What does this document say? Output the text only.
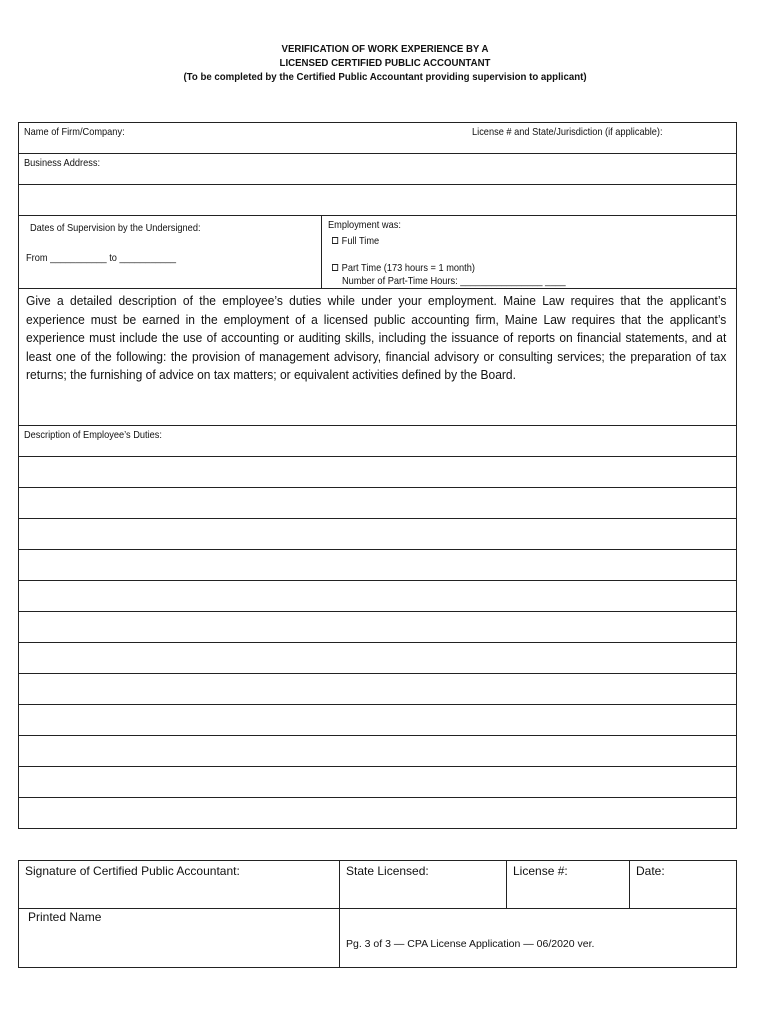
VERIFICATION OF WORK EXPERIENCE BY A
LICENSED CERTIFIED PUBLIC ACCOUNTANT
(To be completed by the Certified Public Accountant providing supervision to applicant)
Name of Firm/Company:	License # and State/Jurisdiction (if applicable):
Business Address:
Dates of Supervision by the Undersigned:
From ___________ to ___________
Employment was:
Full Time
Part Time (173 hours = 1 month)
Number of Part-Time Hours: ________________ ____
Give a detailed description of the employee’s duties while under your employment. Maine Law requires that the applicant’s experience must be earned in the employment of a licensed public accounting firm, Maine Law requires that the applicant’s experience must include the use of accounting or auditing skills, including the issuance of reports on financial statements, and at least one of the following: the provision of management advisory, financial advisory or consulting services; the preparation of tax returns; the furnishing of advice on tax matters; or equivalent activities defined by the Board.
Description of Employee’s Duties:
Signature of Certified Public Accountant:	State Licensed:	License #:	Date:
Printed Name
Pg. 3 of 3 — CPA License Application — 06/2020 ver.
